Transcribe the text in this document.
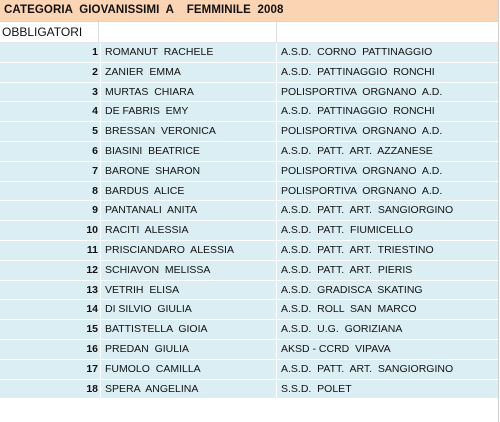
CATEGORIA  GIOVANISSIMI  A    FEMMINILE  2008
OBBLIGATORI
1 ROMANUT  RACHELE	A.S.D.  CORNO  PATTINAGGIO
2 ZANIER  EMMA	A.S.D.  PATTINAGGIO  RONCHI
3 MURTAS  CHIARA	POLISPORTIVA  ORGNANO  A.D.
4 DE FABRIS  EMY	A.S.D.  PATTINAGGIO  RONCHI
5 BRESSAN  VERONICA	POLISPORTIVA  ORGNANO  A.D.
6 BIASINI  BEATRICE	A.S.D.  PATT.  ART.  AZZANESE
7 BARONE  SHARON	POLISPORTIVA  ORGNANO  A.D.
8 BARDUS  ALICE	POLISPORTIVA  ORGNANO  A.D.
9 PANTANALI  ANITA	A.S.D.  PATT.  ART.  SANGIORGINO
10 RACITI  ALESSIA	A.S.D.  PATT.  FIUMICELLO
11 PRISCIANDARO  ALESSIA	A.S.D.  PATT.  ART.  TRIESTINO
12 SCHIAVON  MELISSA	A.S.D.  PATT.  ART.  PIERIS
13 VETRIH  ELISA	A.S.D.  GRADISCA  SKATING
14 DI SILVIO  GIULIA	A.S.D.  ROLL  SAN  MARCO
15 BATTISTELLA  GIOIA	A.S.D.  U.G.  GORIZIANA
16 PREDAN  GIULIA	AKSD - CCRD  VIPAVA
17 FUMOLO  CAMILLA	A.S.D.  PATT.  ART.  SANGIORGINO
18 SPERA  ANGELINA	S.S.D.  POLET
